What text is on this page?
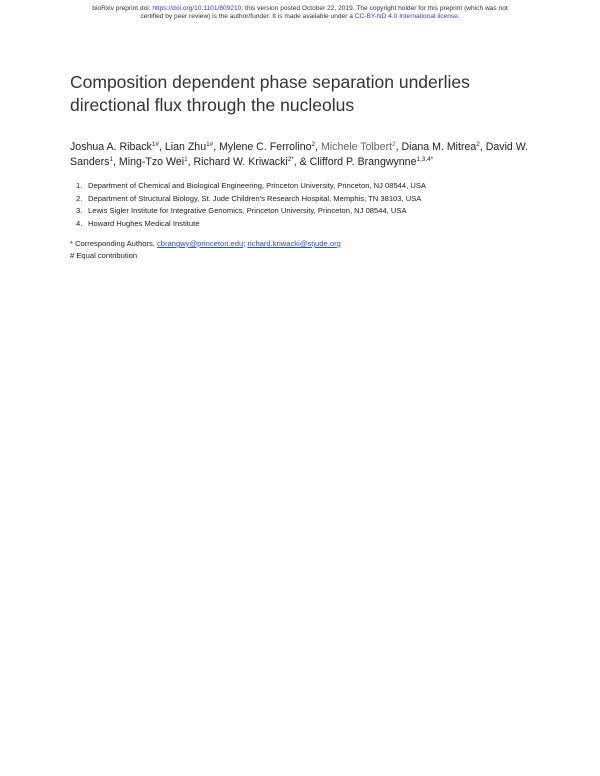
bioRxiv preprint doi: https://doi.org/10.1101/809210. this version posted October 22, 2019. The copyright holder for this preprint (which was not
certified by peer review) is the author/funder. It is made available under a CC-BY-ND 4.0 International license.
Composition dependent phase separation underlies directional flux through the nucleolus
Joshua A. Riback$^{1\#}$, Lian Zhu$^{1\#}$, Mylene C. Ferrolino$^2$, Michele Tolbert$^2$, Diana M. Mitrea$^2$, David W. Sanders$^1$, Ming-Tzo Wei$^1$, Richard W. Kriwacki$^{2*}$, & Clifford P. Brangwynne$^{1,3,4*}$
1. Department of Chemical and Biological Engineering, Princeton University, Princeton, NJ 08544, USA
2. Department of Structural Biology, St. Jude Children's Research Hospital, Memphis, TN 38103, USA
3. Lewis Sigler Institute for Integrative Genomics, Princeton University, Princeton, NJ 08544, USA
4. Howard Hughes Medical Institute
* Corresponding Authors, cbrangwy@princeton.edu; richard.kriwacki@stjude.org
# Equal contribution
